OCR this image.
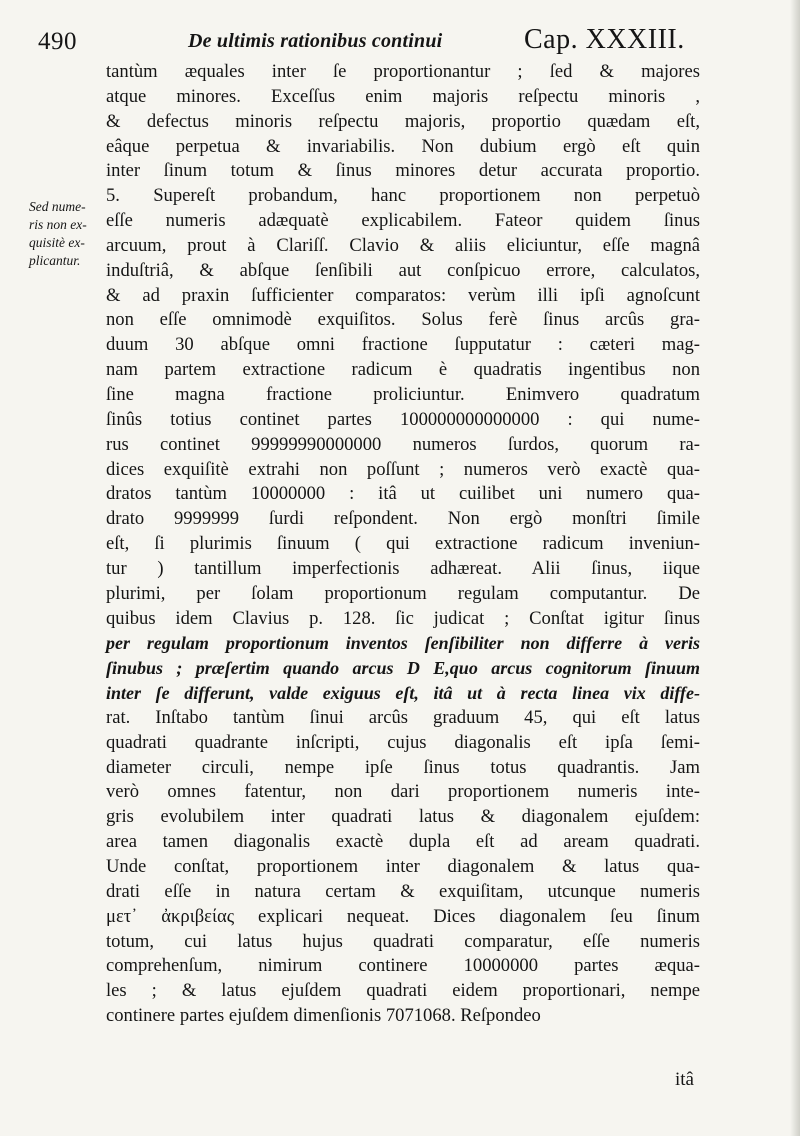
490	De ultimis rationibus continui	Cap. XXXIII.
Sed nume-
ris non ex-
quisitè ex-
plicantur.
tantùm æquales inter ſe proportionantur ; ſed & majores
atque minores. Exceſſus enim majoris reſpectu minoris ,
& defectus minoris reſpectu majoris, proportio quædam eſt,
eâque perpetua & invariabilis. Non dubium ergò eſt quin
inter ſinum totum & ſinus minores detur accurata proportio.
5. Supereſt probandum, hanc proportionem non perpetuò
eſſe numeris adæquatè explicabilem. Fateor quidem ſinus
arcuum, prout à Clariſſ. Clavio & aliis eliciuntur, eſſe magnâ
induſtriâ, & abſque ſenſibili aut conſpicuo errore, calculatos,
& ad praxin ſufficienter comparatos: verùm illi ipſi agnoſcunt
non eſſe omnimodè exquiſitos. Solus ferè ſinus arcûs gra-
duum 30 abſque omni fractione ſupputatur : cæteri mag-
nam partem extractione radicum è quadratis ingentibus non
ſine magna fractione proliciuntur. Enimvero quadratum
ſinûs totius continet partes 100000000000000 : qui nume-
rus continet 99999990000000 numeros ſurdos, quorum ra-
dices exquiſitè extrahi non poſſunt ; numeros verò exactè qua-
dratos tantùm 10000000 : itâ ut cuilibet uni numero qua-
drato 9999999 ſurdi reſpondent. Non ergò monſtri ſimile
eſt, ſi plurimis ſinuum ( qui extractione radicum inveniun-
tur ) tantillum imperfectionis adhæreat. Alii ſinus, iique
plurimi, per ſolam proportionum regulam computantur. De
quibus idem Clavius p. 128. ſic judicat ; Conſtat igitur ſinus
per regulam proportionum inventos ſenſibiliter non differre à veris
ſinubus ; præſertim quando arcus D E,quo arcus cognitorum ſinuum
inter ſe differunt, valde exiguus eſt, itâ ut à recta linea vix diffe-
rat. Inſtabo tantùm ſinui arcûs graduum 45, qui eſt latus
quadrati quadrante inſcripti, cujus diagonalis eſt ipſa ſemi-
diameter circuli, nempe ipſe ſinus totus quadrantis. Jam
verò omnes fatentur, non dari proportionem numeris inte-
gris evolubilem inter quadrati latus & diagonalem ejuſdem:
area tamen diagonalis exactè dupla eſt ad aream quadrati.
Unde conſtat, proportionem inter diagonalem & latus qua-
drati eſſe in natura certam & exquiſitam, utcunque numeris
μετ᾽ ἀκριβείας explicari nequeat. Dices diagonalem ſeu ſinum
totum, cui latus hujus quadrati comparatur, eſſe numeris
comprehenſum, nimirum continere 10000000 partes æqua-
les ; & latus ejuſdem quadrati eidem proportionari, nempe
continere partes ejuſdem dimenſionis 7071068. Reſpondeo
itâ
